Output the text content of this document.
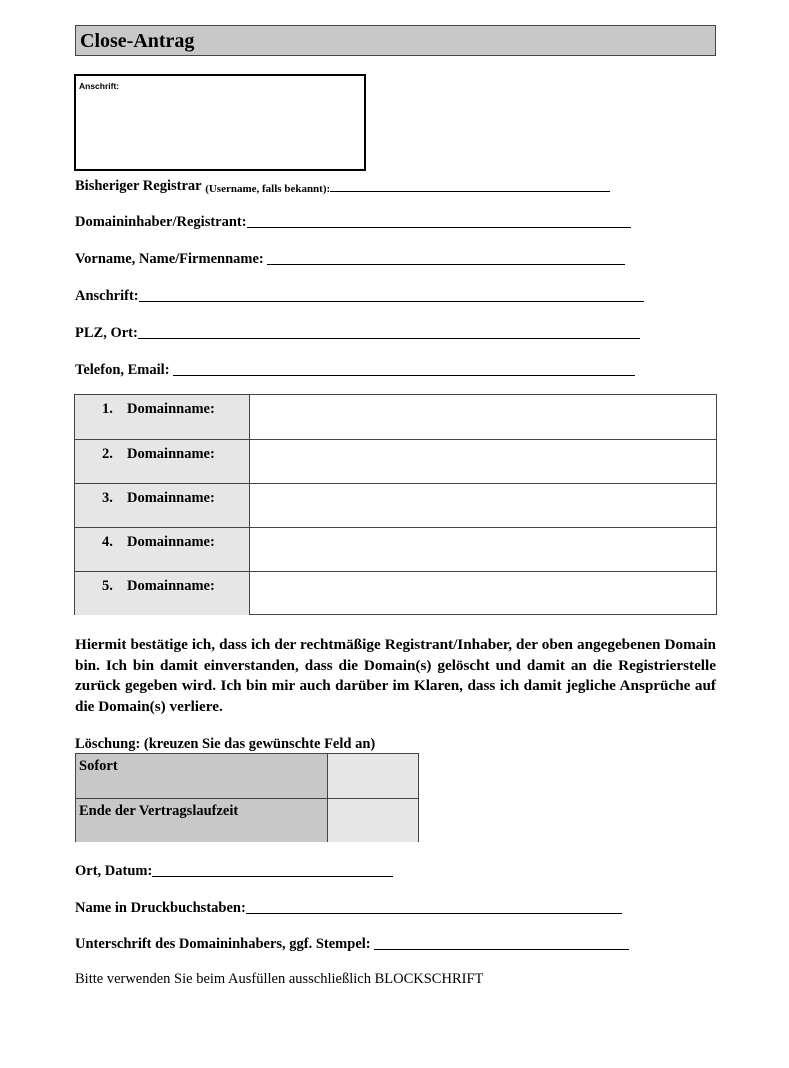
Close-Antrag
Anschrift:
Bisheriger Registrar
(Username, falls bekannt):
Domaininhaber/Registrant:
Vorname, Name/Firmenname:

Anschrift:
PLZ, Ort:
Telefon, Email:

1. Domainname:
2. Domainname:
3. Domainname:
4. Domainname:
5. Domainname:
Hiermit bestätige ich, dass ich der rechtmäßige Registrant/Inhaber, der oben angegebenen Domain bin. Ich bin damit einverstanden, dass die Domain(s) gelöscht und damit an die Registrierstelle zurück gegeben wird. Ich bin mir auch darüber im Klaren, dass ich damit jegliche Ansprüche auf die Domain(s) verliere.
Löschung: (kreuzen Sie das gewünschte Feld an)
Sofort
Ende der Vertragslaufzeit
Ort, Datum:
Name in Druckbuchstaben:
Unterschrift des Domaininhabers, ggf. Stempel:

Bitte verwenden Sie beim Ausfüllen ausschließlich BLOCKSCHRIFT
